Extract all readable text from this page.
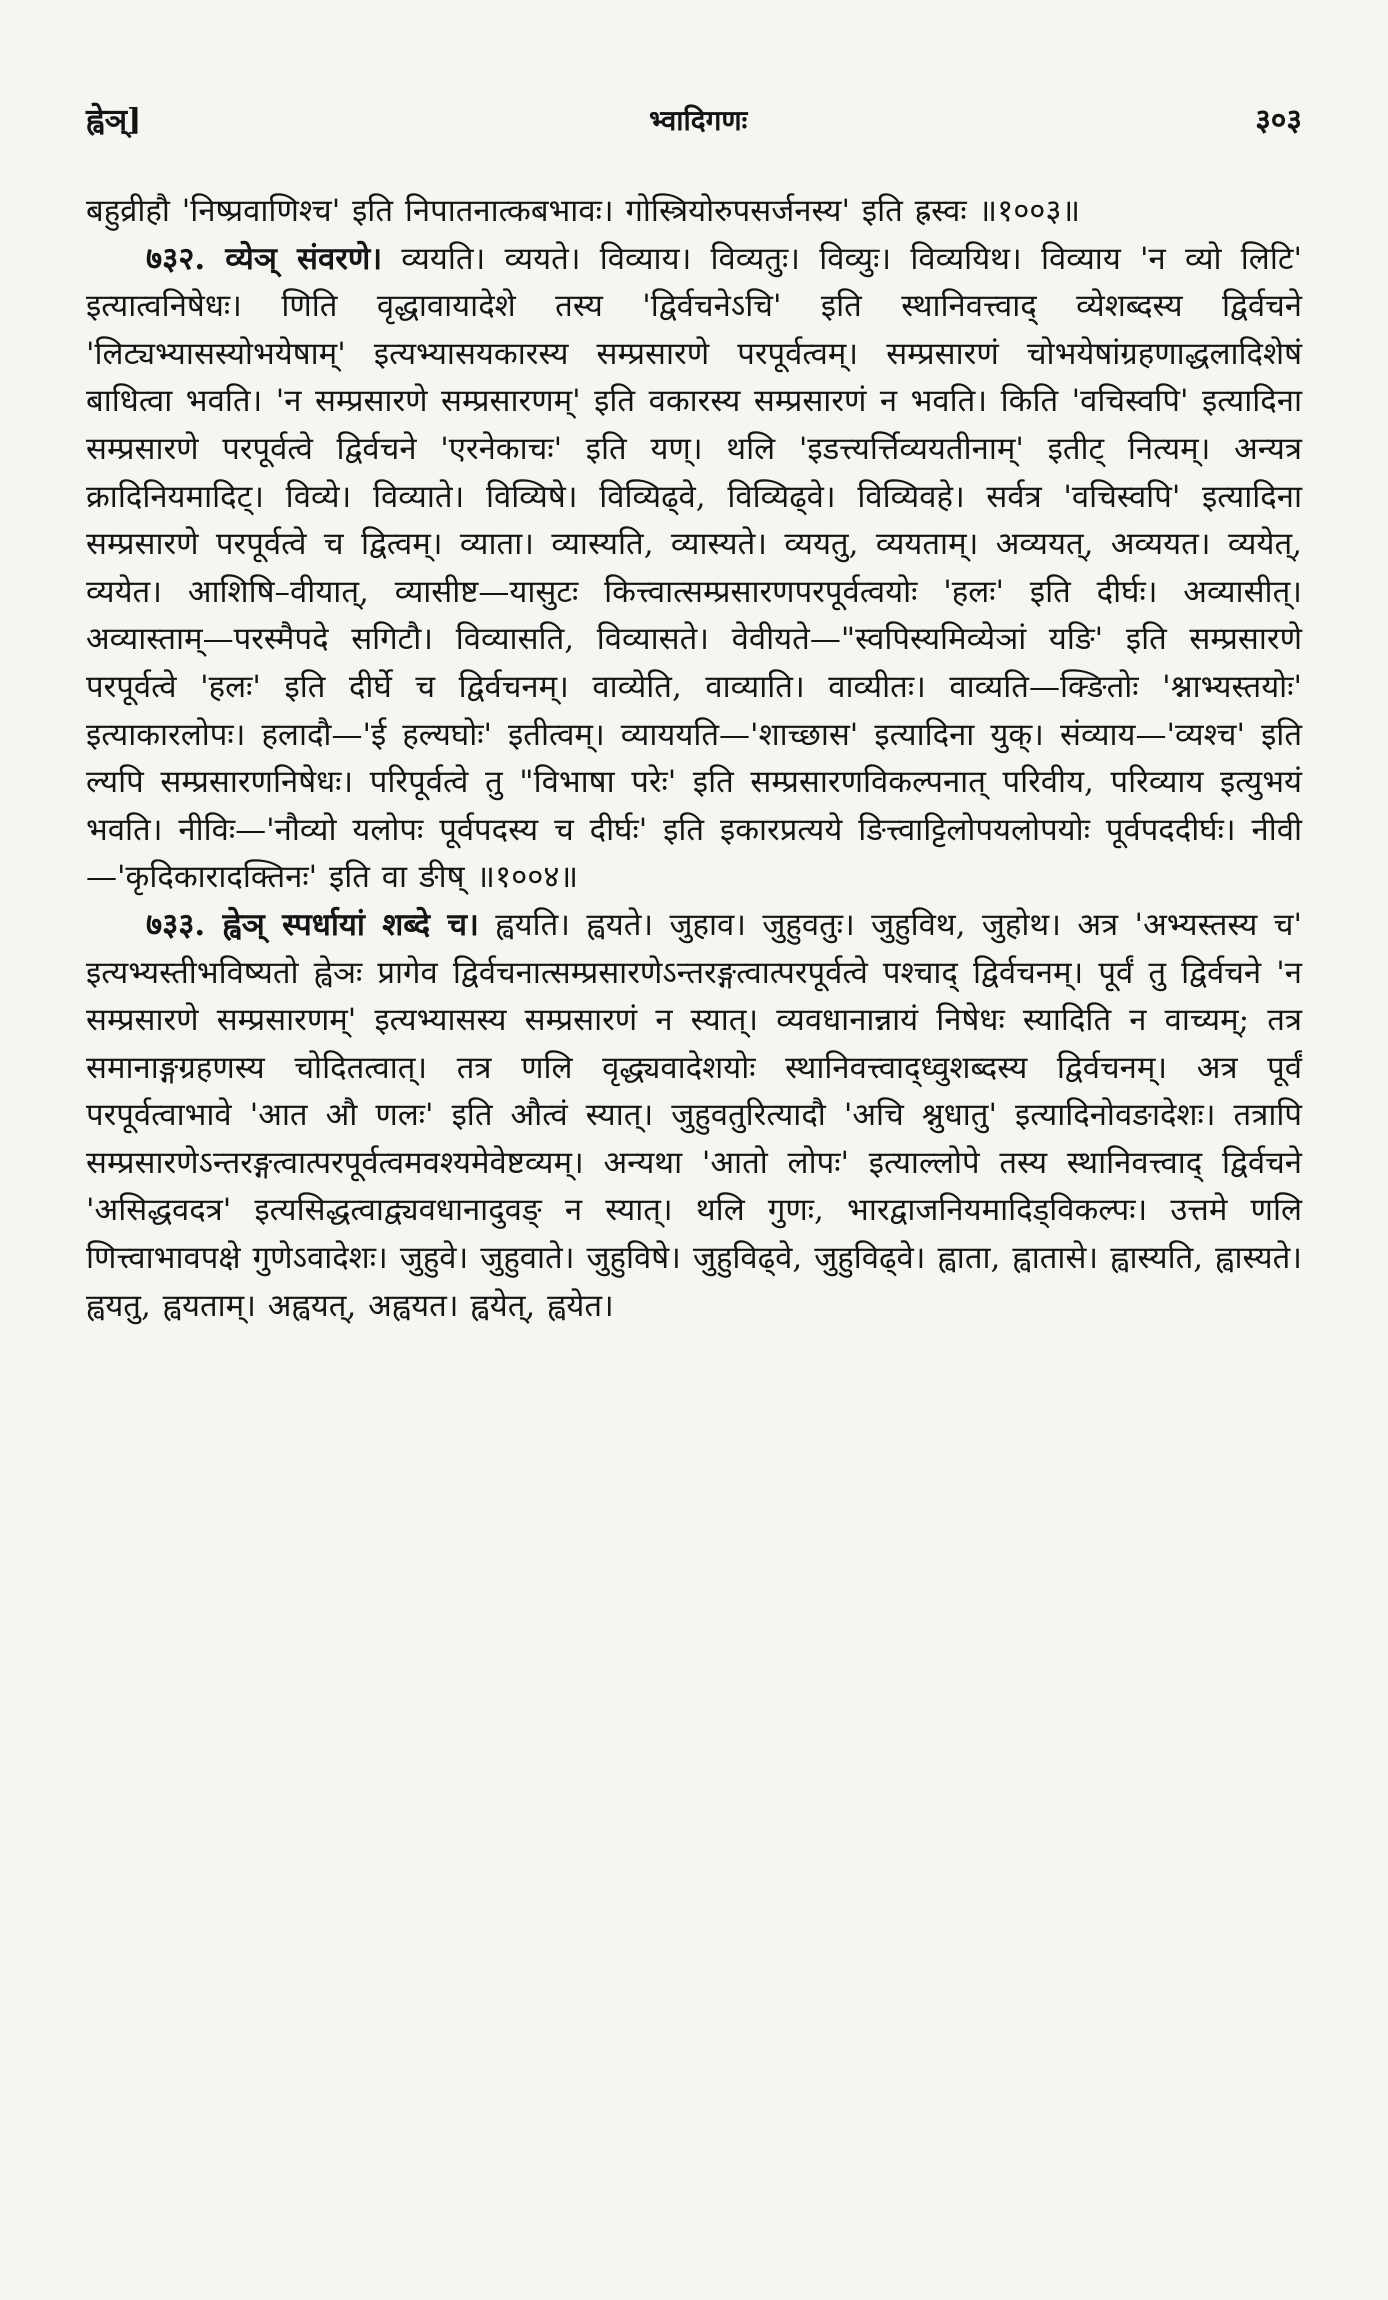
ह्वेञ्]	भ्वादिगणः	३०३

बहुव्रीहौ 'निष्प्रवाणिश्च' इति निपातनात्कबभावः। गोस्त्रियोरुपसर्जनस्य' इति ह्रस्वः ॥१००३॥

७३२. व्येञ् संवरणे। व्ययति। व्ययते। विव्याय। विव्यतुः। विव्युः। विव्ययिथ। विव्याय 'न व्यो लिटि' इत्यात्वनिषेधः। णिति वृद्धावायादेशे तस्य 'द्विर्वचनेऽचि' इति स्थानिवत्त्वाद् व्येशब्दस्य द्विर्वचने 'लिट्यभ्यासस्योभयेषाम्' इत्यभ्यासयकारस्य सम्प्रसारणे परपूर्वत्वम्। सम्प्रसारणं चोभयेषांग्रहणाद्धलादिशेषं बाधित्वा भवति। 'न सम्प्रसारणे सम्प्रसारणम्' इति वकारस्य सम्प्रसारणं न भवति। किति 'वचिस्वपि' इत्यादिना सम्प्रसारणे परपूर्वत्वे द्विर्वचने 'एरनेकाचः' इति यण्। थलि 'इडत्त्यर्त्तिव्ययतीनाम्' इतीट् नित्यम्। अन्यत्र क्रादिनियमादिट्। विव्ये। विव्याते। विव्यिषे। विव्यिढ्वे, विव्यिढ्वे। विव्यिवहे। सर्वत्र 'वचिस्वपि' इत्यादिना सम्प्रसारणे परपूर्वत्वे च द्वित्वम्। व्याता। व्यास्यति, व्यास्यते। व्ययतु, व्ययताम्। अव्ययत्, अव्ययत। व्ययेत्, व्ययेत। आशिषि–वीयात्, व्यासीष्ट—यासुटः कित्त्वात्सम्प्रसारणपरपूर्वत्वयोः 'हलः' इति दीर्घः। अव्यासीत्। अव्यास्ताम्—परस्मैपदे सगिटौ। विव्यासति, विव्यासते। वेवीयते—"स्वपिस्यमिव्येञां यङि' इति सम्प्रसारणे परपूर्वत्वे 'हलः' इति दीर्घे च द्विर्वचनम्। वाव्येति, वाव्याति। वाव्यीतः। वाव्यति—क्ङितोः 'श्नाभ्यस्तयोः' इत्याकारलोपः। हलादौ—'ई हल्यघोः' इतीत्वम्। व्याययति—'शाच्छास' इत्यादिना युक्। संव्याय—'व्यश्च' इति ल्यपि सम्प्रसारणनिषेधः। परिपूर्वत्वे तु "विभाषा परेः' इति सम्प्रसारणविकल्पनात् परिवीय, परिव्याय इत्युभयं भवति। नीविः—'नौव्यो यलोपः पूर्वपदस्य च दीर्घः' इति इकारप्रत्यये ङित्त्वाट्टिलोपयलोपयोः पूर्वपददीर्घः। नीवी—'कृदिकारादक्तिनः' इति वा ङीष् ॥१००४॥

७३३. ह्वेञ् स्पर्धायां शब्दे च। ह्वयति। ह्वयते। जुहाव। जुहुवतुः। जुहुविथ, जुहोथ। अत्र 'अभ्यस्तस्य च' इत्यभ्यस्तीभविष्यतो ह्वेञः प्रागेव द्विर्वचनात्सम्प्रसारणेऽन्तरङ्गत्वात्परपूर्वत्वे पश्चाद् द्विर्वचनम्। पूर्वं तु द्विर्वचने 'न सम्प्रसारणे सम्प्रसारणम्' इत्यभ्यासस्य सम्प्रसारणं न स्यात्। व्यवधानान्नायं निषेधः स्यादिति न वाच्यम्; तत्र समानाङ्गग्रहणस्य चोदितत्वात्। तत्र णलि वृद्ध्यवादेशयोः स्थानिवत्त्वाद्ध्वुशब्दस्य द्विर्वचनम्। अत्र पूर्वं परपूर्वत्वाभावे 'आत औ णलः' इति औत्वं स्यात्। जुहुवतुरित्यादौ 'अचि श्नुधातु' इत्यादिनोवङादेशः। तत्रापि सम्प्रसारणेऽन्तरङ्गत्वात्परपूर्वत्वमवश्यमेवेष्टव्यम्। अन्यथा 'आतो लोपः' इत्याल्लोपे तस्य स्थानिवत्त्वाद् द्विर्वचने 'असिद्धवदत्र' इत्यसिद्धत्वाद्व्यवधानादुवङ् न स्यात्। थलि गुणः, भारद्वाजनियमादिड्विकल्पः। उत्तमे णलि णित्त्वाभावपक्षे गुणेऽवादेशः। जुहुवे। जुहुवाते। जुहुविषे। जुहुविढ्वे, जुहुविढ्वे। ह्वाता, ह्वातासे। ह्वास्यति, ह्वास्यते। ह्वयतु, ह्वयताम्। अह्वयत्, अह्वयत। ह्वयेत्, ह्वयेत।
